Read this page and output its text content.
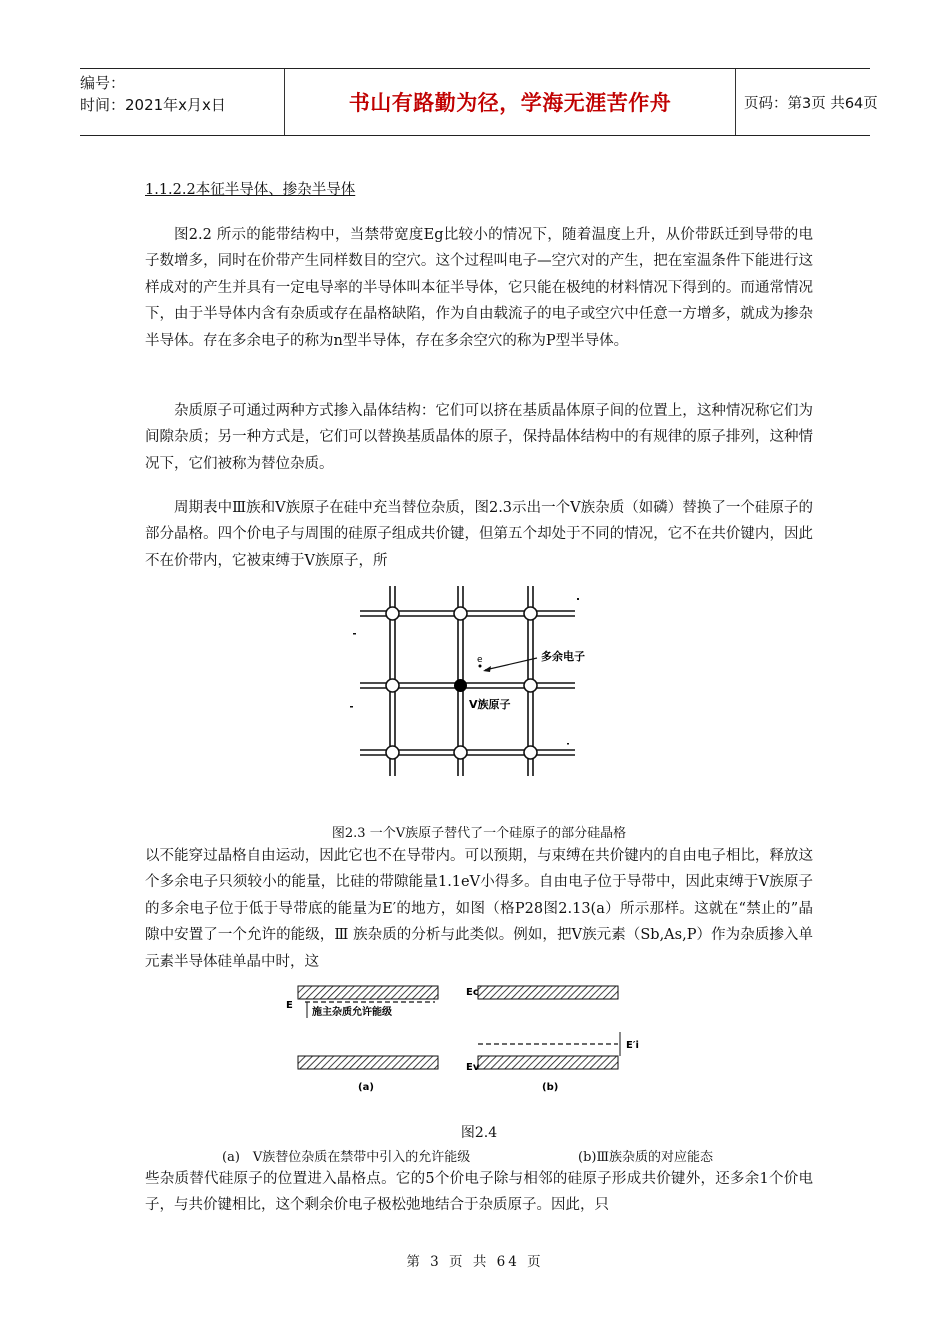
编号：
时间：2021年x月x日	书山有路勤为径，学海无涯苦作舟	页码：第3页 共64页
1.1.2.2本征半导体、掺杂半导体

图2.2 所示的能带结构中，当禁带宽度Eg比较小的情况下，随着温度上升，从价带跃迁到导带的电子数增多，同时在价带产生同样数目的空穴。这个过程叫电子—空穴对的产生，把在室温条件下能进行这样成对的产生并具有一定电导率的半导体叫本征半导体，它只能在极纯的材料情况下得到的。而通常情况下，由于半导体内含有杂质或存在晶格缺陷，作为自由载流子的电子或空穴中任意一方增多，就成为掺杂半导体。存在多余电子的称为n型半导体，存在多余空穴的称为P型半导体。

杂质原子可通过两种方式掺入晶体结构：它们可以挤在基质晶体原子间的位置上，这种情况称它们为间隙杂质；另一种方式是，它们可以替换基质晶体的原子，保持晶体结构中的有规律的原子排列，这种情况下，它们被称为替位杂质。

周期表中Ⅲ族和Ⅴ族原子在硅中充当替位杂质，图2.3示出一个Ⅴ族杂质（如磷）替换了一个硅原子的部分晶格。四个价电子与周围的硅原子组成共价键，但第五个却处于不同的情况，它不在共价键内，因此不在价带内，它被束缚于Ⅴ族原子，所

e	多余电子
Ⅴ族原子
图2.3 一个Ⅴ族原子替代了一个硅原子的部分硅晶格

以不能穿过晶格自由运动，因此它也不在导带内。可以预期，与束缚在共价键内的自由电子相比，释放这个多余电子只须较小的能量，比硅的带隙能量1.1eV小得多。自由电子位于导带中，因此束缚于Ⅴ族原子的多余电子位于低于导带底的能量为E′的地方，如图（格P28图2.13(a）所示那样。这就在“禁止的”晶隙中安置了一个允许的能级，Ⅲ 族杂质的分析与此类似。例如，把Ⅴ族元素（Sb,As,P）作为杂质掺入单元素半导体硅单晶中时，这

E
施主杂质允许能级
(a)
Ec
E′i
Ev
(b)
图2.4
(a)　Ⅴ族替位杂质在禁带中引入的允许能级	(b)Ⅲ族杂质的对应能态

些杂质替代硅原子的位置进入晶格点。它的5个价电子除与相邻的硅原子形成共价键外，还多余1个价电子，与共价键相比，这个剩余价电子极松弛地结合于杂质原子。因此，只

第 3 页 共 64 页
